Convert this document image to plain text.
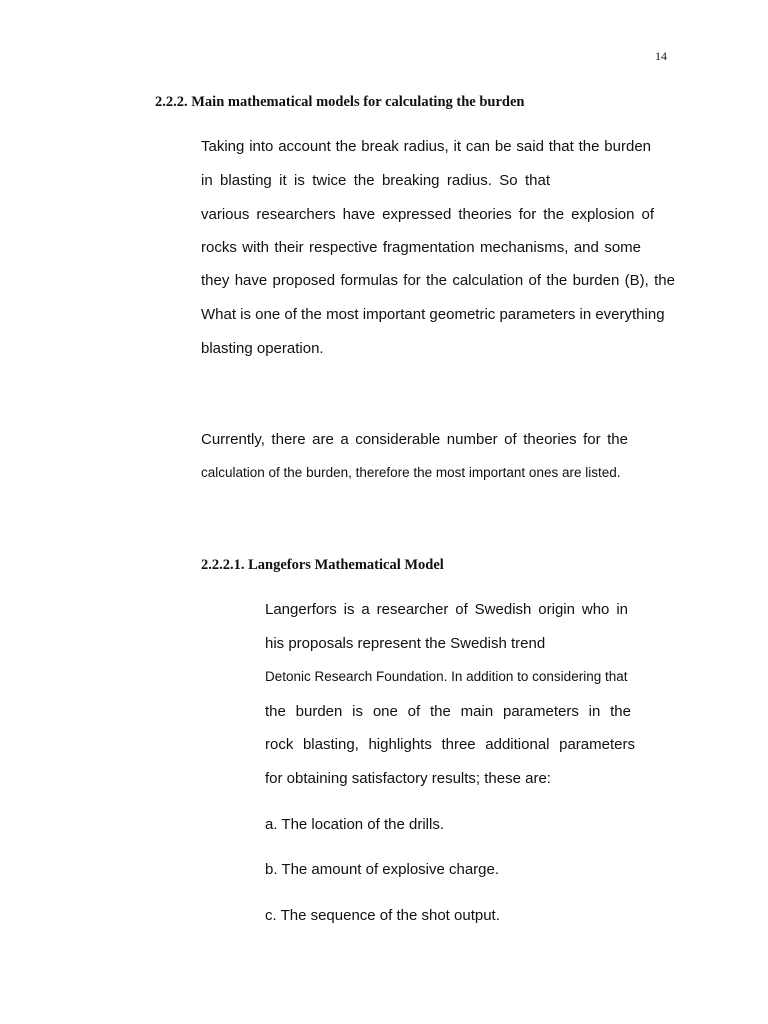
14
2.2.2. Main mathematical models for calculating the burden
Taking into account the break radius, it can be said that the burden
in blasting it is twice the breaking radius. So that
various researchers have expressed theories for the explosion of
rocks with their respective fragmentation mechanisms, and some
they have proposed formulas for the calculation of the burden (B), the
What is one of the most important geometric parameters in everything
blasting operation.
Currently, there are a considerable number of theories for the
calculation of the burden, therefore the most important ones are listed.
2.2.2.1. Langefors Mathematical Model
Langerfors is a researcher of Swedish origin who in
his proposals represent the Swedish trend
Detonic Research Foundation. In addition to considering that
the burden is one of the main parameters in the
rock blasting, highlights three additional parameters
for obtaining satisfactory results; these are:
a. The location of the drills.
b. The amount of explosive charge.
c. The sequence of the shot output.
